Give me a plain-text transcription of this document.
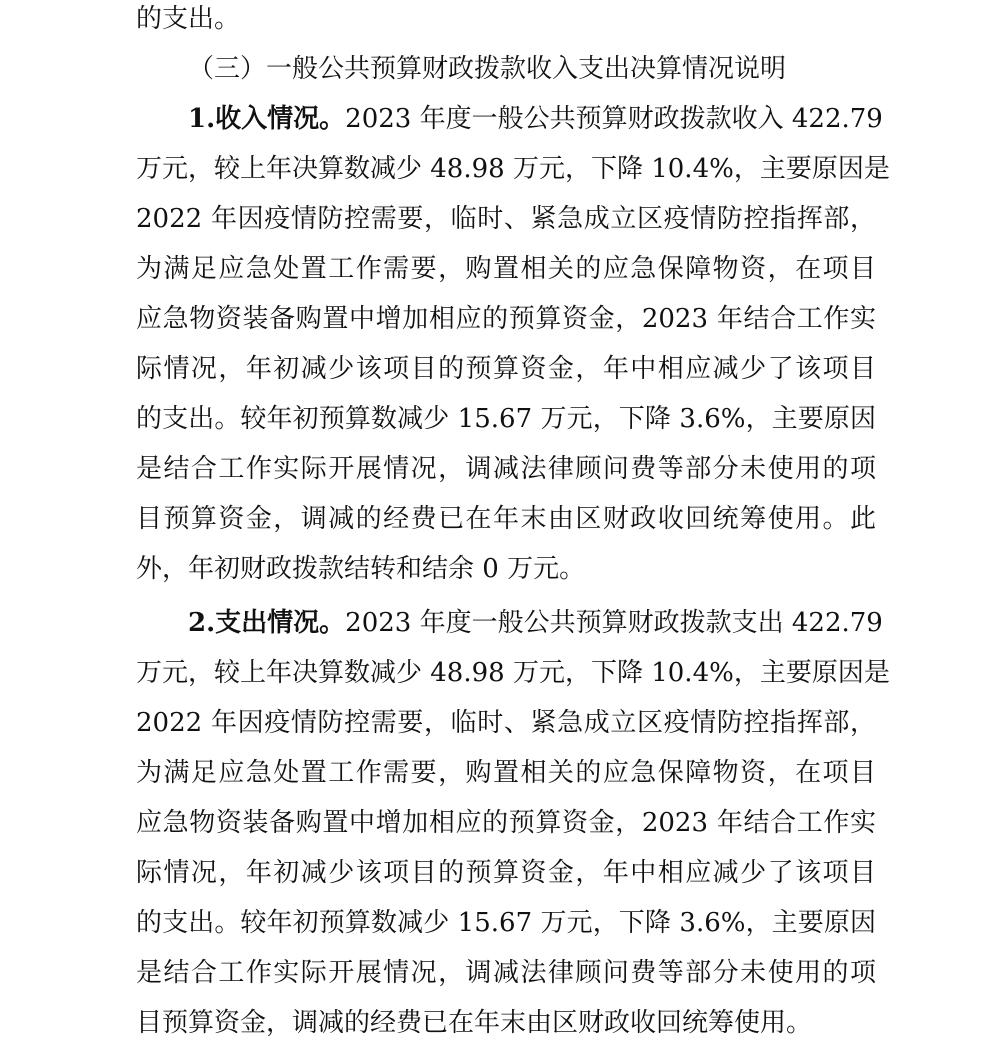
的支出。
（三）一般公共预算财政拨款收入支出决算情况说明
1.收入情况。2023 年度一般公共预算财政拨款收入 422.79
万元，较上年决算数减少 48.98 万元，下降 10.4%，主要原因是
2022 年因疫情防控需要，临时、紧急成立区疫情防控指挥部，
为满足应急处置工作需要，购置相关的应急保障物资，在项目
应急物资装备购置中增加相应的预算资金，2023 年结合工作实
际情况，年初减少该项目的预算资金，年中相应减少了该项目
的支出。较年初预算数减少 15.67 万元，下降 3.6%，主要原因
是结合工作实际开展情况，调减法律顾问费等部分未使用的项
目预算资金，调减的经费已在年末由区财政收回统筹使用。此
外，年初财政拨款结转和结余 0 万元。
2.支出情况。2023 年度一般公共预算财政拨款支出 422.79
万元，较上年决算数减少 48.98 万元，下降 10.4%，主要原因是
2022 年因疫情防控需要，临时、紧急成立区疫情防控指挥部，
为满足应急处置工作需要，购置相关的应急保障物资，在项目
应急物资装备购置中增加相应的预算资金，2023 年结合工作实
际情况，年初减少该项目的预算资金，年中相应减少了该项目
的支出。较年初预算数减少 15.67 万元，下降 3.6%，主要原因
是结合工作实际开展情况，调减法律顾问费等部分未使用的项
目预算资金，调减的经费已在年末由区财政收回统筹使用。
